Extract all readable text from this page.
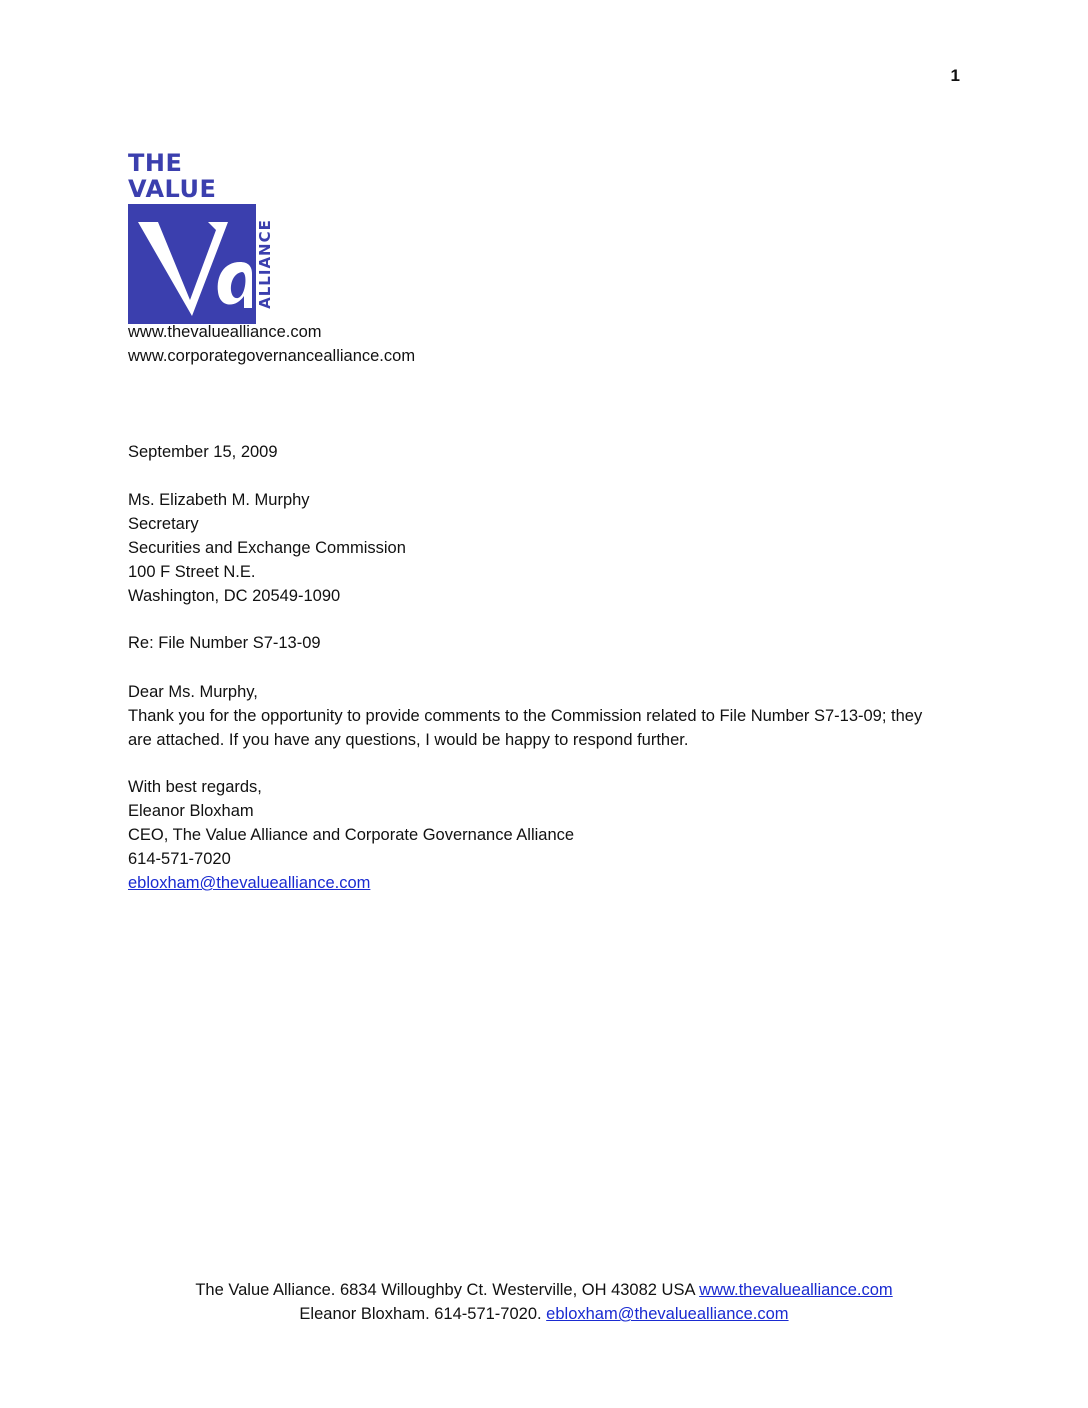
1
THE VALUE
ALLIANCE
www.thevaluealliance.com
www.corporategovernancealliance.com
September 15, 2009
Ms. Elizabeth M. Murphy
Secretary
Securities and Exchange Commission
100 F Street N.E.
Washington, DC 20549-1090
Re: File Number S7-13-09
Dear Ms. Murphy,

Thank you for the opportunity to provide comments to the Commission related to File Number S7-13-09; they are attached. If you have any questions, I would be happy to respond further.

With best regards,
Eleanor Bloxham
CEO, The Value Alliance and Corporate Governance Alliance
614-571-7020
ebloxham@thevaluealliance.com
The Value Alliance. 6834 Willoughby Ct. Westerville, OH 43082 USA www.thevaluealliance.com
Eleanor Bloxham. 614-571-7020. ebloxham@thevaluealliance.com
